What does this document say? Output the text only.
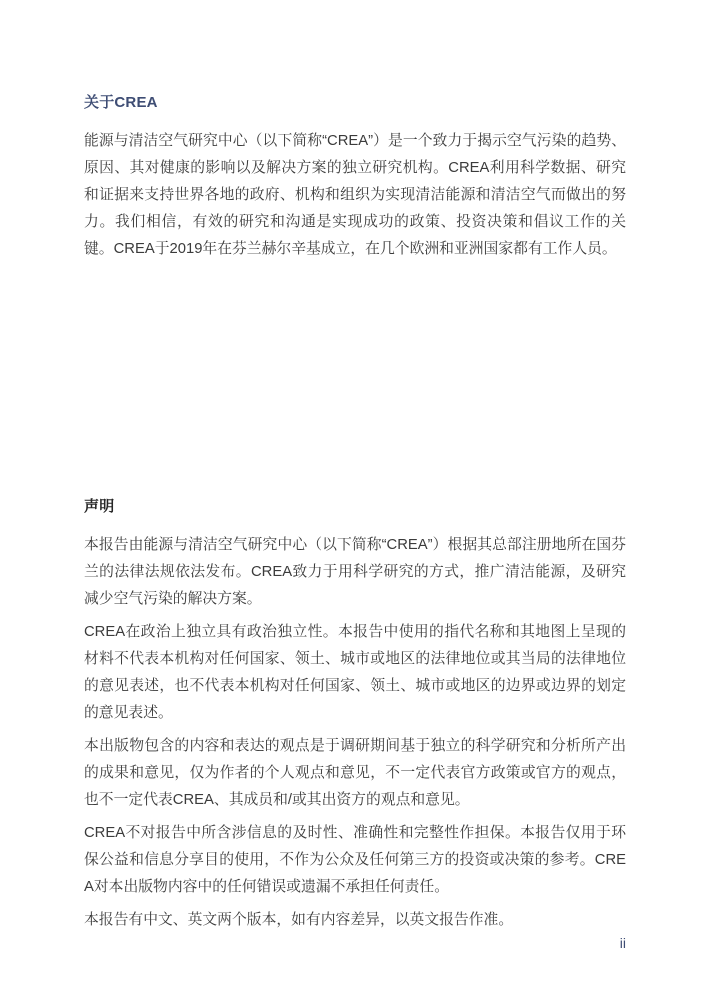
关于CREA

能源与清洁空气研究中心（以下简称“CREA”）是一个致力于揭示空气污染的趋势、原因、其对健康的影响以及解决方案的独立研究机构。CREA利用科学数据、研究和证据来支持世界各地的政府、机构和组织为实现清洁能源和清洁空气而做出的努力。我们相信，有效的研究和沟通是实现成功的政策、投资决策和倡议工作的关键。CREA于2019年在芬兰赫尔辛基成立，在几个欧洲和亚洲国家都有工作人员。

声明

本报告由能源与清洁空气研究中心（以下简称“CREA”）根据其总部注册地所在国芬兰的法律法规依法发布。CREA致力于用科学研究的方式，推广清洁能源，及研究减少空气污染的解决方案。

CREA在政治上独立具有政治独立性。本报告中使用的指代名称和其地图上呈现的材料不代表本机构对任何国家、领土、城市或地区的法律地位或其当局的法律地位的意见表述，也不代表本机构对任何国家、领土、城市或地区的边界或边界的划定的意见表述。

本出版物包含的内容和表达的观点是于调研期间基于独立的科学研究和分析所产出的成果和意见，仅为作者的个人观点和意见，不一定代表官方政策或官方的观点，也不一定代表CREA、其成员和/或其出资方的观点和意见。

CREA不对报告中所含涉信息的及时性、准确性和完整性作担保。本报告仅用于环保公益和信息分享目的使用，不作为公众及任何第三方的投资或决策的参考。CREA对本出版物内容中的任何错误或遗漏不承担任何责任。

本报告有中文、英文两个版本，如有内容差异，以英文报告作准。

ii
